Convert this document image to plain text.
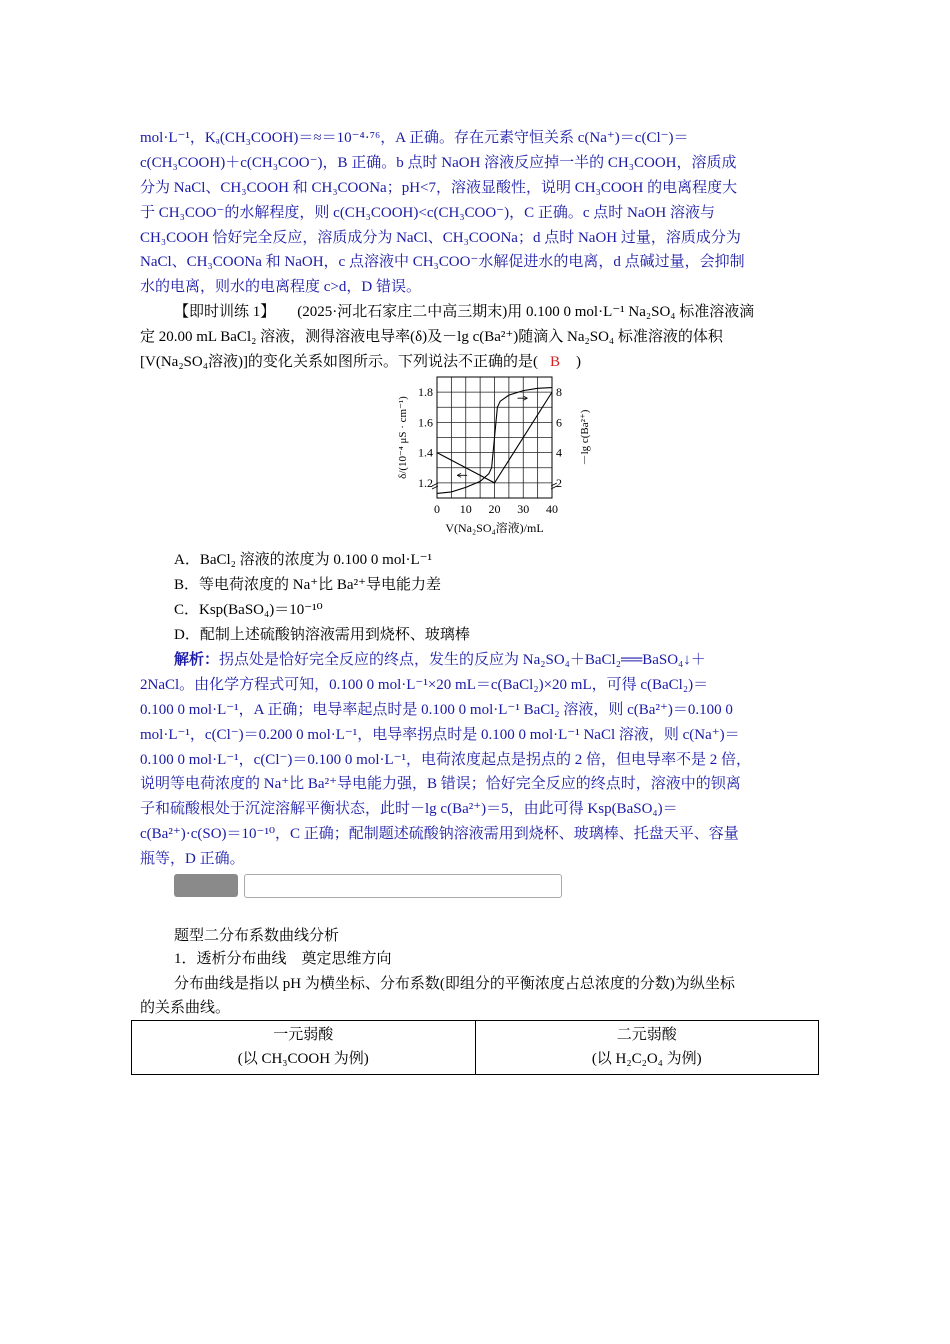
mol·L⁻¹，Kₐ(CH₃COOH)＝≈＝10⁻⁴·⁷⁶，A 正确。存在元素守恒关系 c(Na⁺)＝c(Cl⁻)＝
c(CH₃COOH)＋c(CH₃COO⁻)，B 正确。b 点时 NaOH 溶液反应掉一半的 CH₃COOH，溶质成
分为 NaCl、CH₃COOH 和 CH₃COONa；pH<7，溶液显酸性，说明 CH₃COOH 的电离程度大
于 CH₃COO⁻的水解程度，则 c(CH₃COOH)<c(CH₃COO⁻)，C 正确。c 点时 NaOH 溶液与
CH₃COOH 恰好完全反应，溶质成分为 NaCl、CH₃COONa；d 点时 NaOH 过量，溶质成分为
NaCl、CH₃COONa 和 NaOH，c 点溶液中 CH₃COO⁻水解促进水的电离，d 点碱过量，会抑制
水的电离，则水的电离程度 c>d，D 错误。
【即时训练 1】 (2025·河北石家庄二中高三期末)用 0.100 0 mol·L⁻¹ Na₂SO₄ 标准溶液滴
定 20.00 mL BaCl₂ 溶液，测得溶液电导率(δ)及－lg c(Ba²⁺)随滴入 Na₂SO₄ 标准溶液的体积
[V(Na₂SO₄溶液)]的变化关系如图所示。下列说法不正确的是( B )
0 10 20 30 40
1.2
1.4
1.6
1.8
2
4
6
8
V(Na₂SO₄溶液)/mL
δ/(10⁻⁴ μS · cm⁻¹)	－lg c(Ba²⁺)
A．BaCl₂ 溶液的浓度为 0.100 0 mol·L⁻¹
B．等电荷浓度的 Na⁺比 Ba²⁺导电能力差
C．Ksp(BaSO₄)＝10⁻¹⁰
D．配制上述硫酸钠溶液需用到烧杯、玻璃棒
解析：拐点处是恰好完全反应的终点，发生的反应为 Na₂SO₄＋BaCl₂══BaSO₄↓＋
2NaCl。由化学方程式可知，0.100 0 mol·L⁻¹×20 mL＝c(BaCl₂)×20 mL，可得 c(BaCl₂)＝
0.100 0 mol·L⁻¹，A 正确；电导率起点时是 0.100 0 mol·L⁻¹ BaCl₂ 溶液，则 c(Ba²⁺)＝0.100 0
mol·L⁻¹，c(Cl⁻)＝0.200 0 mol·L⁻¹，电导率拐点时是 0.100 0 mol·L⁻¹ NaCl 溶液，则 c(Na⁺)＝
0.100 0 mol·L⁻¹，c(Cl⁻)＝0.100 0 mol·L⁻¹，电荷浓度起点是拐点的 2 倍，但电导率不是 2 倍，
说明等电荷浓度的 Na⁺比 Ba²⁺导电能力强，B 错误；恰好完全反应的终点时，溶液中的钡离
子和硫酸根处于沉淀溶解平衡状态，此时－lg c(Ba²⁺)＝5，由此可得 Ksp(BaSO₄)＝
c(Ba²⁺)·c(SO)＝10⁻¹⁰，C 正确；配制题述硫酸钠溶液需用到烧杯、玻璃棒、托盘天平、容量
瓶等，D 正确。
题型二分布系数曲线分析
1．透析分布曲线　奠定思维方向
分布曲线是指以 pH 为横坐标、分布系数(即组分的平衡浓度占总浓度的分数)为纵坐标
的关系曲线。
一元弱酸
(以 CH₃COOH 为例)

二元弱酸
(以 H₂C₂O₄ 为例)
